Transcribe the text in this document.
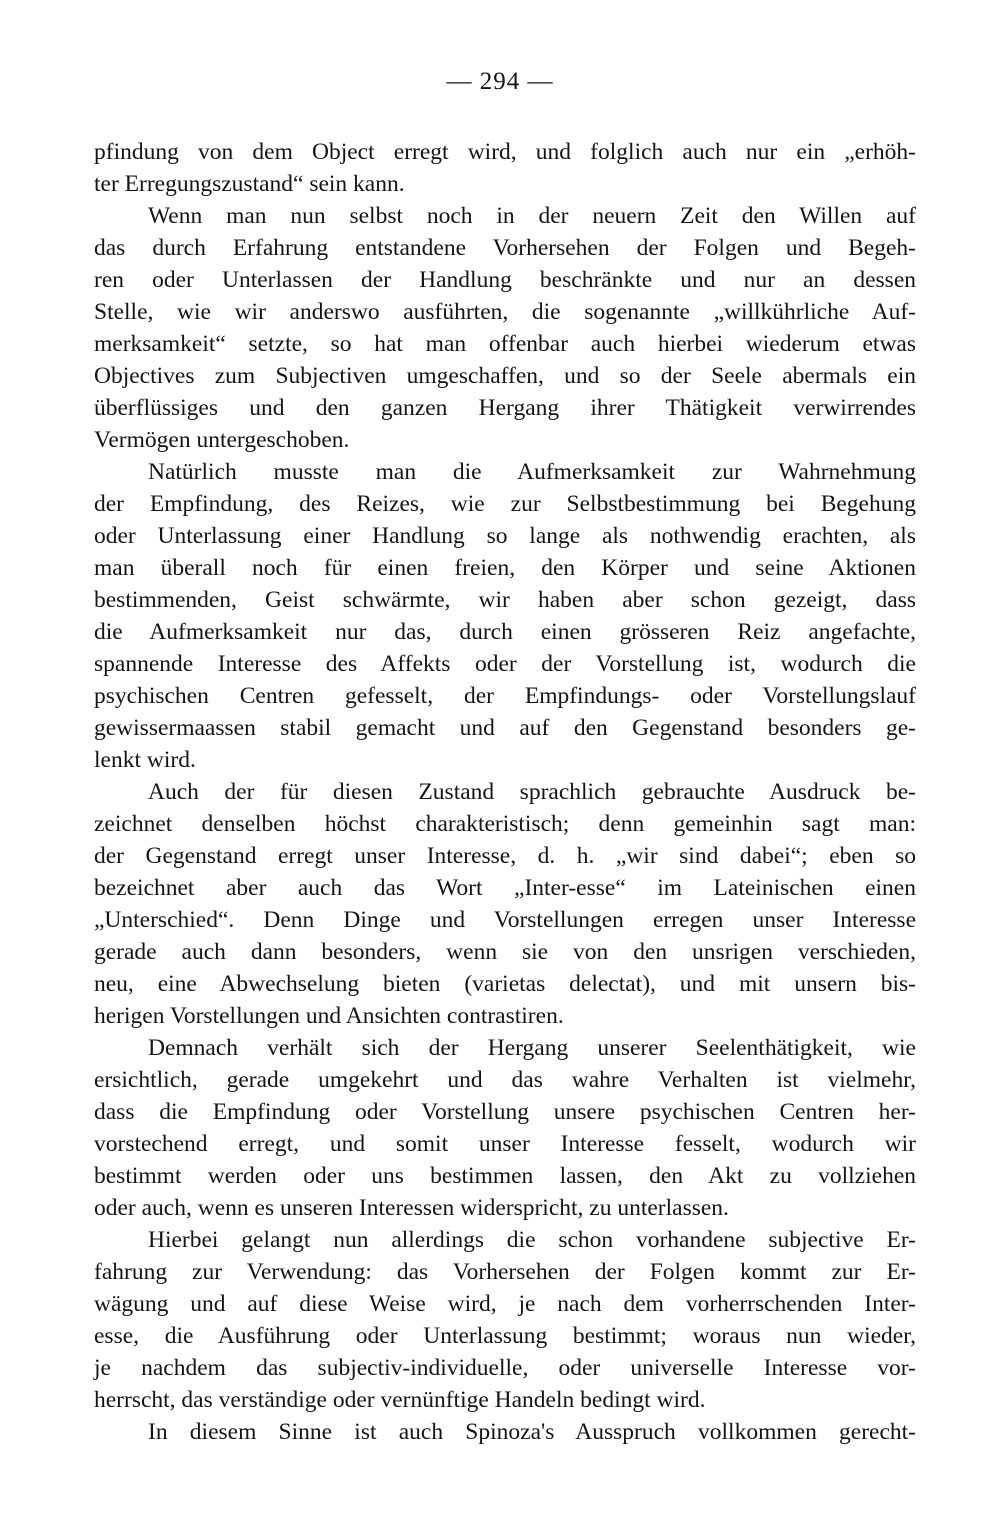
— 294 —
pfindung von dem Object erregt wird, und folglich auch nur ein „erhöh-
ter Erregungszustand“ sein kann.
Wenn man nun selbst noch in der neuern Zeit den Willen auf
das durch Erfahrung entstandene Vorhersehen der Folgen und Begeh-
ren oder Unterlassen der Handlung beschränkte und nur an dessen
Stelle, wie wir anderswo ausführten, die sogenannte „willkührliche Auf-
merksamkeit“ setzte, so hat man offenbar auch hierbei wiederum etwas
Objectives zum Subjectiven umgeschaffen, und so der Seele abermals ein
überflüssiges und den ganzen Hergang ihrer Thätigkeit verwirrendes
Vermögen untergeschoben.
Natürlich musste man die Aufmerksamkeit zur Wahrnehmung
der Empfindung, des Reizes, wie zur Selbstbestimmung bei Begehung
oder Unterlassung einer Handlung so lange als nothwendig erachten, als
man überall noch für einen freien, den Körper und seine Aktionen
bestimmenden, Geist schwärmte, wir haben aber schon gezeigt, dass
die Aufmerksamkeit nur das, durch einen grösseren Reiz angefachte,
spannende Interesse des Affekts oder der Vorstellung ist, wodurch die
psychischen Centren gefesselt, der Empfindungs- oder Vorstellungslauf
gewissermaassen stabil gemacht und auf den Gegenstand besonders ge-
lenkt wird.
Auch der für diesen Zustand sprachlich gebrauchte Ausdruck be-
zeichnet denselben höchst charakteristisch; denn gemeinhin sagt man:
der Gegenstand erregt unser Interesse, d. h. „wir sind dabei“; eben so
bezeichnet aber auch das Wort „Inter-esse“ im Lateinischen einen
„Unterschied“. Denn Dinge und Vorstellungen erregen unser Interesse
gerade auch dann besonders, wenn sie von den unsrigen verschieden,
neu, eine Abwechselung bieten (varietas delectat), und mit unsern bis-
herigen Vorstellungen und Ansichten contrastiren.
Demnach verhält sich der Hergang unserer Seelenthätigkeit, wie
ersichtlich, gerade umgekehrt und das wahre Verhalten ist vielmehr,
dass die Empfindung oder Vorstellung unsere psychischen Centren her-
vorstechend erregt, und somit unser Interesse fesselt, wodurch wir
bestimmt werden oder uns bestimmen lassen, den Akt zu vollziehen
oder auch, wenn es unseren Interessen widerspricht, zu unterlassen.
Hierbei gelangt nun allerdings die schon vorhandene subjective Er-
fahrung zur Verwendung: das Vorhersehen der Folgen kommt zur Er-
wägung und auf diese Weise wird, je nach dem vorherrschenden Inter-
esse, die Ausführung oder Unterlassung bestimmt; woraus nun wieder,
je nachdem das subjectiv-individuelle, oder universelle Interesse vor-
herrscht, das verständige oder vernünftige Handeln bedingt wird.
In diesem Sinne ist auch Spinoza's Ausspruch vollkommen gerecht-
